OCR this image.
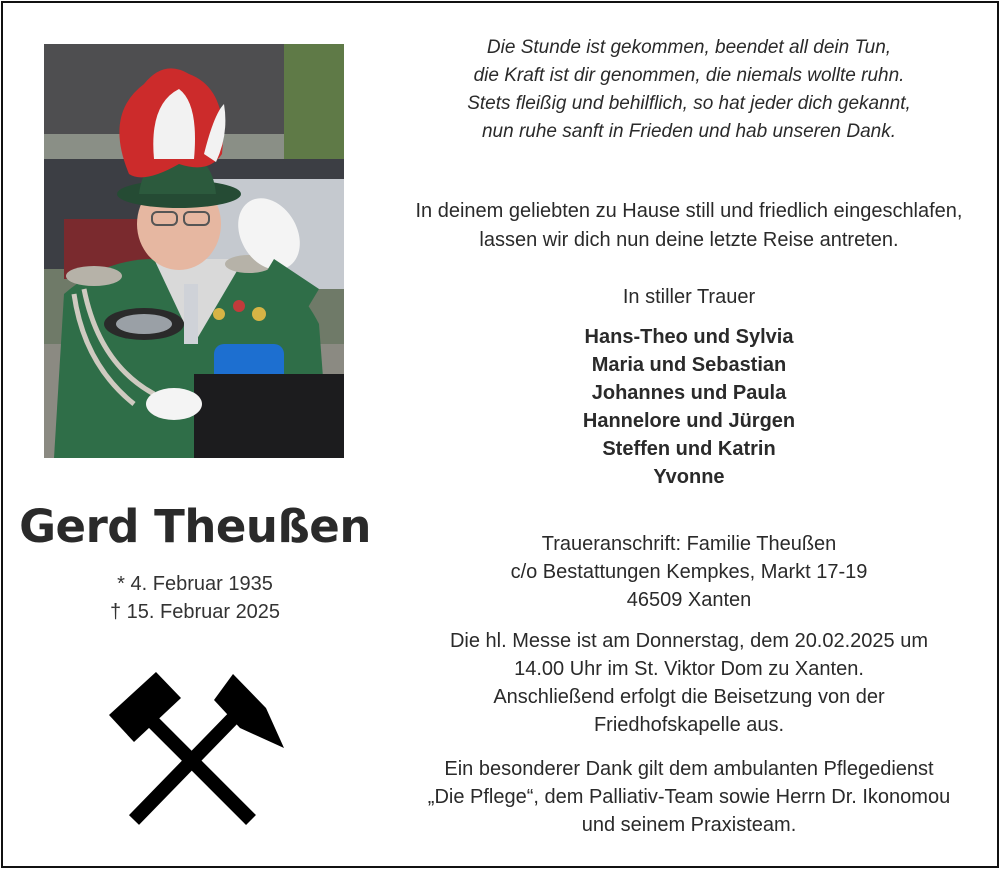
Gerd Theußen
* 4. Februar 1935
† 15. Februar 2025
Die Stunde ist gekommen, beendet all dein Tun,
die Kraft ist dir genommen, die niemals wollte ruhn.
Stets fleißig und behilflich, so hat jeder dich gekannt,
nun ruhe sanft in Frieden und hab unseren Dank.
In deinem geliebten zu Hause still und friedlich eingeschlafen,
lassen wir dich nun deine letzte Reise antreten.
In stiller Trauer
Hans-Theo und Sylvia
Maria und Sebastian
Johannes und Paula
Hannelore und Jürgen
Steffen und Katrin
Yvonne
Traueranschrift: Familie Theußen
c/o Bestattungen Kempkes, Markt 17-19
46509 Xanten
Die hl. Messe ist am Donnerstag, dem 20.02.2025 um
14.00 Uhr im St. Viktor Dom zu Xanten.
Anschließend erfolgt die Beisetzung von der
Friedhofskapelle aus.
Ein besonderer Dank gilt dem ambulanten Pflegedienst
„Die Pflege“, dem Palliativ-Team sowie Herrn Dr. Ikonomou
und seinem Praxisteam.
